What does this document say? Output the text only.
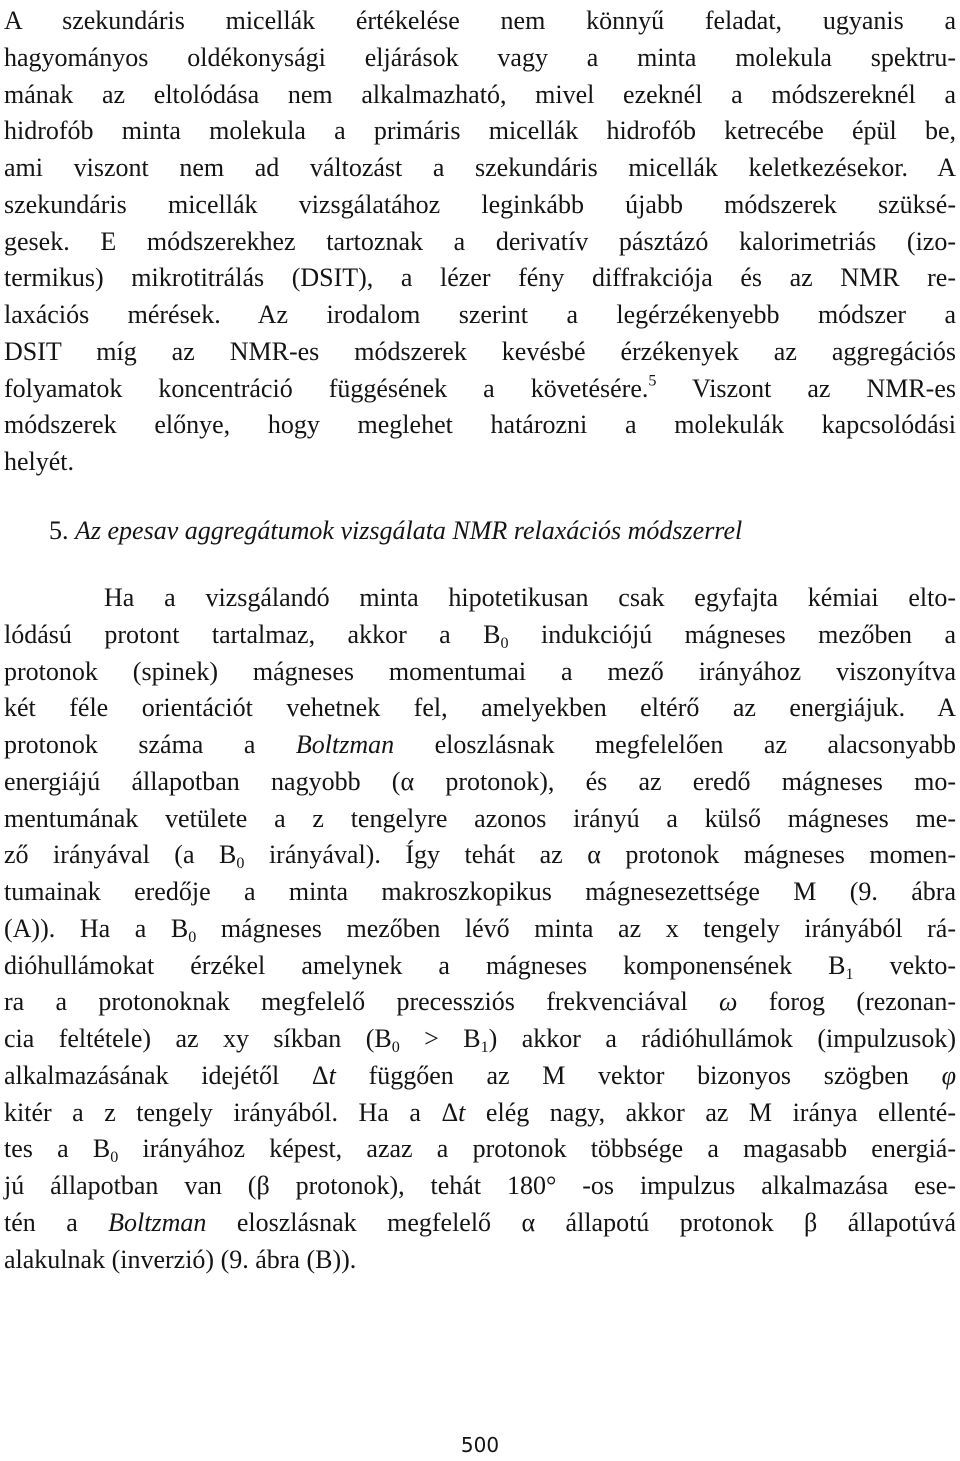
A szekundáris micellák értékelése nem könnyű feladat, ugyanis a
hagyományos oldékonysági eljárások vagy a minta molekula spektru-
mának az eltolódása nem alkalmazható, mivel ezeknél a módszereknél a
hidrofób minta molekula a primáris micellák hidrofób ketrecébe épül be,
ami viszont nem ad változást a szekundáris micellák keletkezésekor. A
szekundáris micellák vizsgálatához leginkább újabb módszerek szüksé-
gesek. E módszerekhez tartoznak a derivatív pásztázó kalorimetriás (izo-
termikus) mikrotitrálás (DSIT), a lézer fény diffrakciója és az NMR re-
laxációs mérések. Az irodalom szerint a legérzékenyebb módszer a
DSIT míg az NMR-es módszerek kevésbé érzékenyek az aggregációs
folyamatok koncentráció függésének a követésére.$^5$ Viszont az NMR-es
módszerek előnye, hogy meglehet határozni a molekulák kapcsolódási
helyét.

5. Az epesav aggregátumok vizsgálata NMR relaxációs módszerrel

Ha a vizsgálandó minta hipotetikusan csak egyfajta kémiai elto-
lódású protont tartalmaz, akkor a $B_0$ indukciójú mágneses mezőben a
protonok (spinek) mágneses momentumai a mező irányához viszonyítva
két féle orientációt vehetnek fel, amelyekben eltérő az energiájuk. A
protonok száma a Boltzman eloszlásnak megfelelően az alacsonyabb
energiájú állapotban nagyobb (α protonok), és az eredő mágneses mo-
mentumának vetülete a z tengelyre azonos irányú a külső mágneses me-
ző irányával (a $B_0$ irányával). Így tehát az α protonok mágneses momen-
tumainak eredője a minta makroszkopikus mágnesezettsége M (9. ábra
(A)). Ha a $B_0$ mágneses mezőben lévő minta az x tengely irányából rá-
dióhullámokat érzékel amelynek a mágneses komponensének $B_1$ vekto-
ra a protonoknak megfelelő precessziós frekvenciával ω forog (rezonan-
cia feltétele) az xy síkban $(B_0 > B_1)$ akkor a rádióhullámok (impulzusok)
alkalmazásának idejétől Δt függően az M vektor bizonyos szögben φ
kitér a z tengely irányából. Ha a Δt elég nagy, akkor az M iránya ellenté-
tes a $B_0$ irányához képest, azaz a protonok többsége a magasabb energiá-
jú állapotban van (β protonok), tehát 180° -os impulzus alkalmazása ese-
tén a Boltzman eloszlásnak megfelelő α állapotú protonok β állapotúvá
alakulnak (inverzió) (9. ábra (B)).

500
